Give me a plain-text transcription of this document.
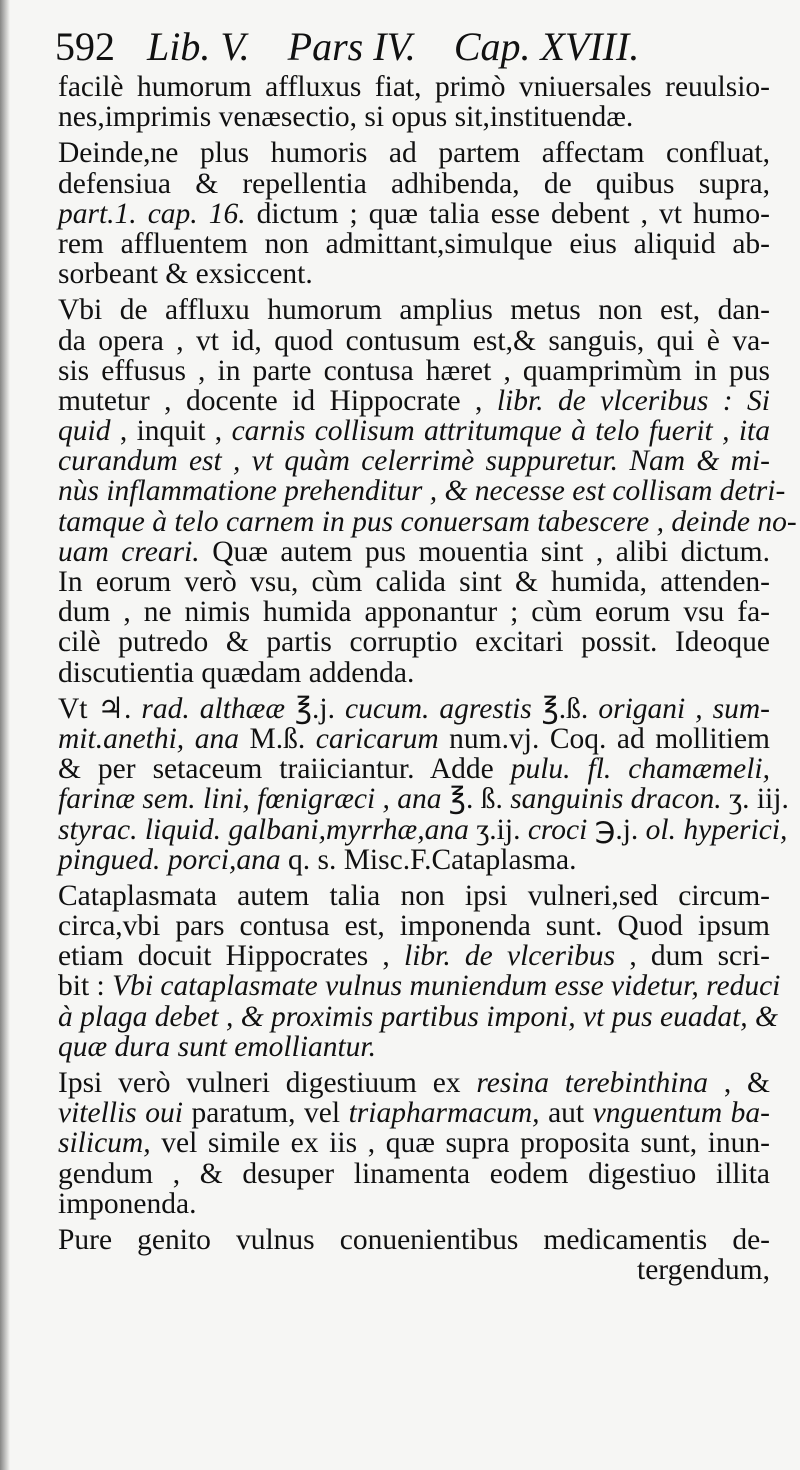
592 Lib. V. Pars IV. Cap. XVIII.
facilè humorum affluxus fiat, primò vniuersales reuulsio-
nes,imprimis venæsectio, si opus sit,instituendæ.
Deinde,ne plus humoris ad partem affectam confluat,
defensiua & repellentia adhibenda, de quibus supra,
part.1. cap. 16. dictum ; quæ talia esse debent , vt humo-
rem affluentem non admittant,simulque eius aliquid ab-
sorbeant & exsiccent.
Vbi de affluxu humorum amplius metus non est, dan-
da opera , vt id, quod contusum est,& sanguis, qui è va-
sis effusus , in parte contusa hæret , quamprimùm in pus
mutetur , docente id Hippocrate , libr. de vlceribus : Si
quid , inquit , carnis collisum attritumque à telo fuerit , ita
curandum est , vt quàm celerrimè suppuretur. Nam & mi-
nùs inflammatione prehenditur , & necesse est collisam detri-
tamque à telo carnem in pus conuersam tabescere , deinde no-
uam creari. Quæ autem pus mouentia sint , alibi dictum.
In eorum verò vsu, cùm calida sint & humida, attenden-
dum , ne nimis humida apponantur ; cùm eorum vsu fa-
cilè putredo & partis corruptio excitari possit. Ideoque
discutientia quædam addenda.
Vt ♃. rad. althææ ℥.j. cucum. agrestis ℥.ß. origani , sum-
mit.anethi, ana M.ß. caricarum num.vj. Coq. ad mollitiem
& per setaceum traiiciantur. Adde pulu. fl. chamæmeli,
farinæ sem. lini, fœnigræci , ana ℥. ß. sanguinis dracon. ʒ. iij.
styrac. liquid. galbani,myrrhæ,ana ʒ.ij. croci ℈.j. ol. hyperici,
pingued. porci,ana q. s. Misc.F.Cataplasma.
Cataplasmata autem talia non ipsi vulneri,sed circum-
circa,vbi pars contusa est, imponenda sunt. Quod ipsum
etiam docuit Hippocrates , libr. de vlceribus , dum scri-
bit : Vbi cataplasmate vulnus muniendum esse videtur, reduci
à plaga debet , & proximis partibus imponi, vt pus euadat, &
quæ dura sunt emolliantur.
Ipsi verò vulneri digestiuum ex resina terebinthina , &
vitellis oui paratum, vel triapharmacum, aut vnguentum ba-
silicum, vel simile ex iis , quæ supra proposita sunt, inun-
gendum , & desuper linamenta eodem digestiuo illita
imponenda.
Pure genito vulnus conuenientibus medicamentis de-
tergendum,
